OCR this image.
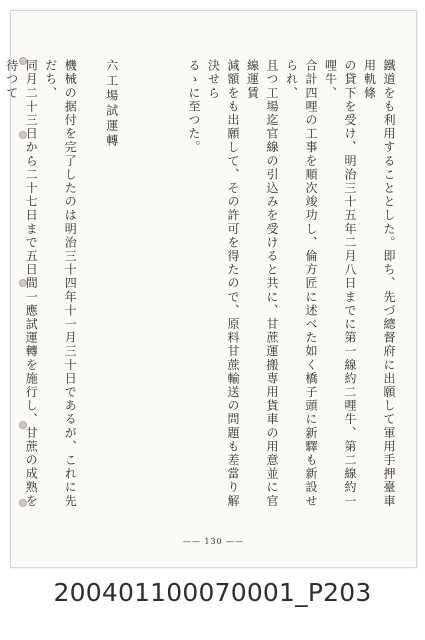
鐵道をも利用することとした。即ち、先づ總督府に出願して軍用手押臺車用軌條

の貸下を受け、明治三十五年二月八日までに第一線約二哩牛、第二線約一哩牛、

合計四哩の工事を順次竣功し、倫方匠に述べた如く橋子頭に新驛も新設せられ、

且つ工場迄官線の引込みを受けると共に、甘蔗運搬専用貨車の用意並に官線運賃

減額をも出願して、その許可を得たので、原料甘蔗輸送の問題も差當り解決せら

るゝに至つた。

六工場試運轉

機械の据付を完了したのは明治三十四年十一月三十日であるが、これに先だち、

同月二十三日から二十七日まで五日間一應試運轉を施行し、甘蔗の成熟を待つて

—— 130 ——
200401100070001_P203
